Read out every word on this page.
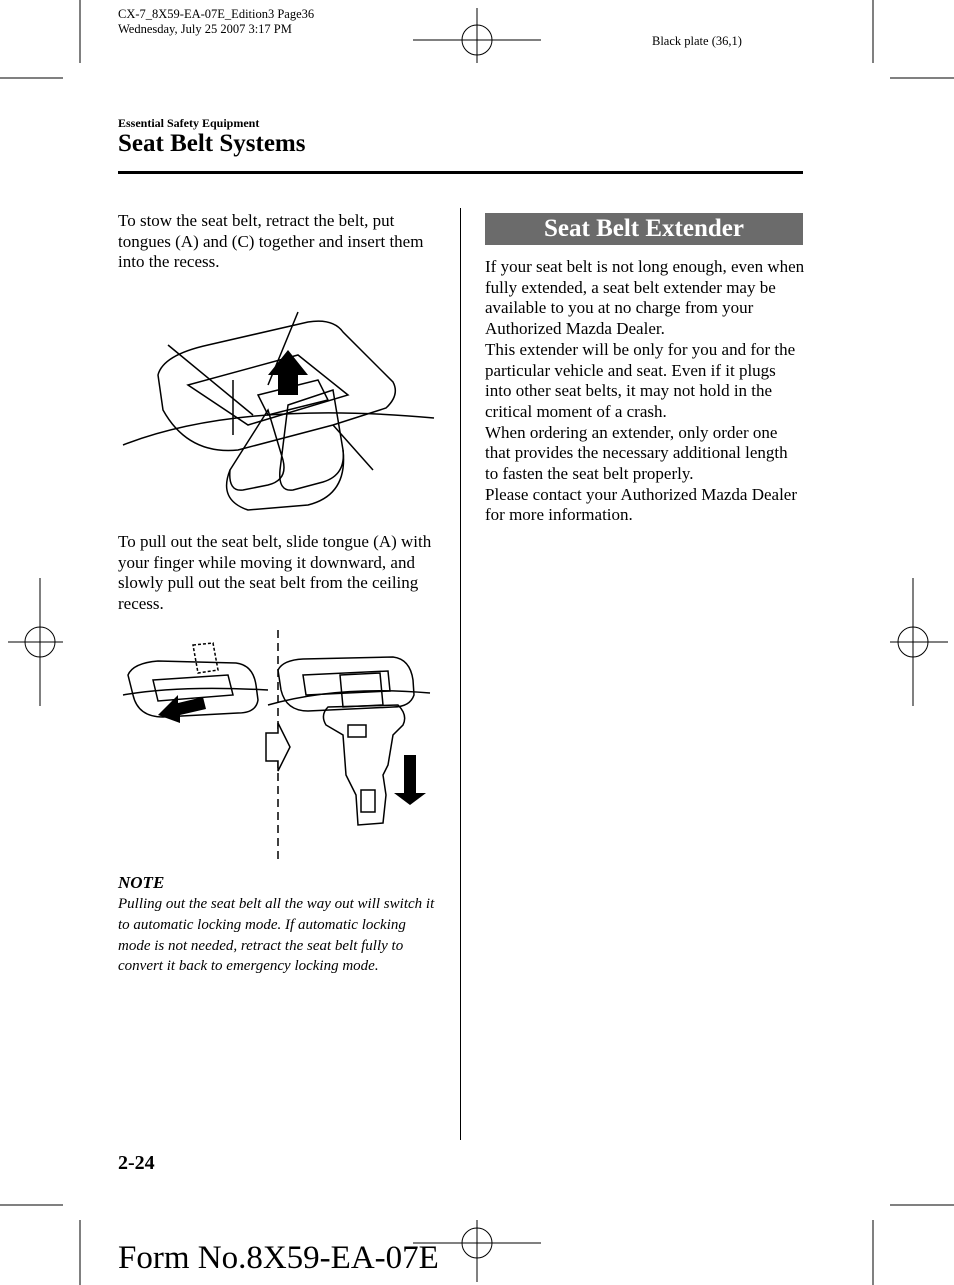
CX-7_8X59-EA-07E_Edition3 Page36
Wednesday, July 25 2007 3:17 PM
Black plate (36,1)
Essential Safety Equipment
Seat Belt Systems
To stow the seat belt, retract the belt, put tongues (A) and (C) together and insert them into the recess.
To pull out the seat belt, slide tongue (A) with your finger while moving it downward, and slowly pull out the seat belt from the ceiling recess.
NOTE
Pulling out the seat belt all the way out will switch it to automatic locking mode. If automatic locking mode is not needed, retract the seat belt fully to convert it back to emergency locking mode.
Seat Belt Extender
If your seat belt is not long enough, even when fully extended, a seat belt extender may be available to you at no charge from your Authorized Mazda Dealer.
This extender will be only for you and for the particular vehicle and seat. Even if it plugs into other seat belts, it may not hold in the critical moment of a crash.
When ordering an extender, only order one that provides the necessary additional length to fasten the seat belt properly.
Please contact your Authorized Mazda Dealer for more information.
2-24
Form No.8X59-EA-07E
